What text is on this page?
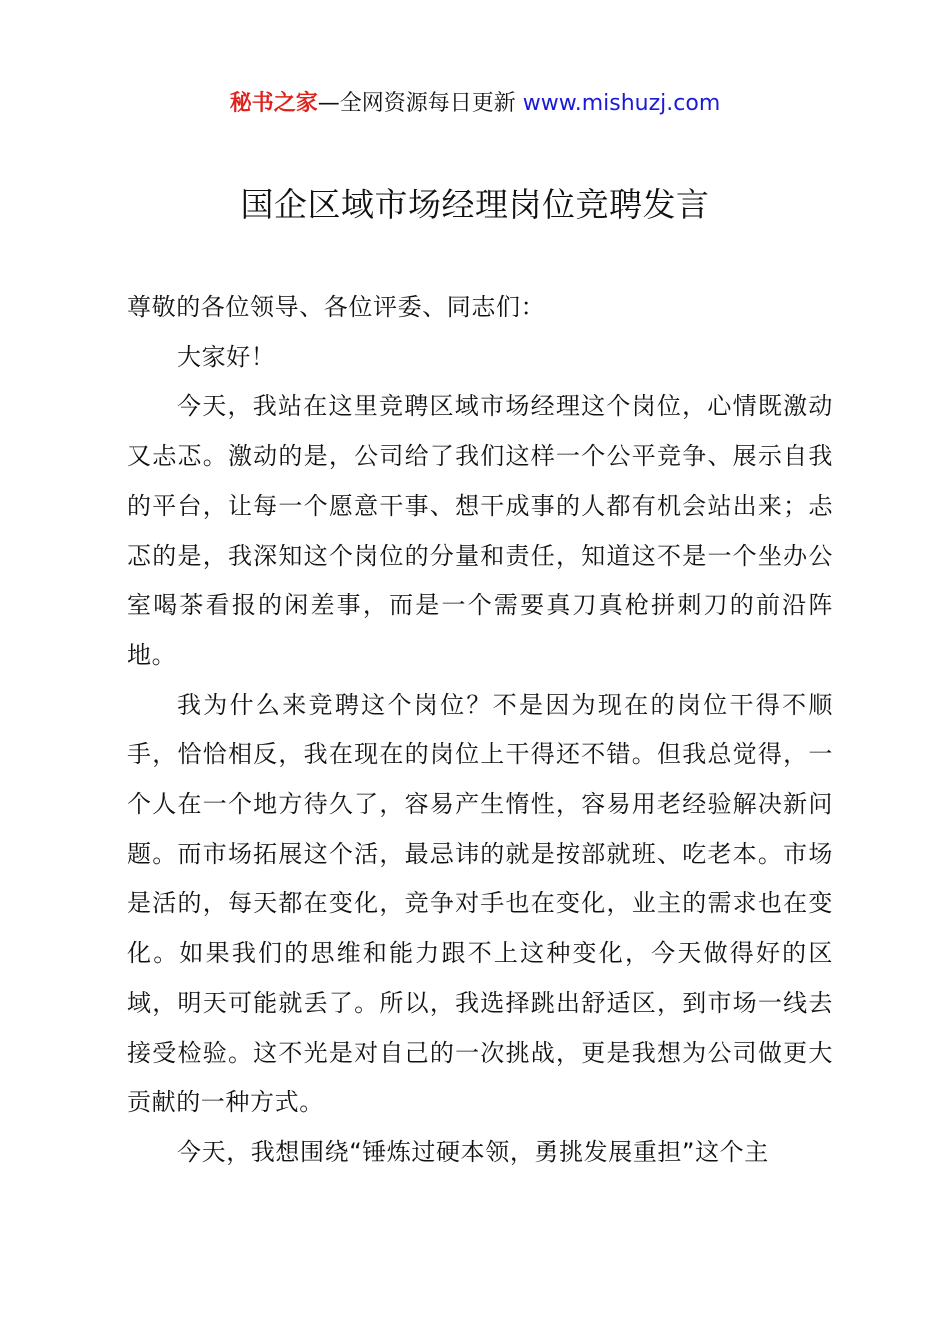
秘书之家—全网资源每日更新 www.mishuzj.com
国企区域市场经理岗位竞聘发言

尊敬的各位领导、各位评委、同志们：

大家好！

今天，我站在这里竞聘区域市场经理这个岗位，心情既激动又忐忑。激动的是，公司给了我们这样一个公平竞争、展示自我的平台，让每一个愿意干事、想干成事的人都有机会站出来；忐忑的是，我深知这个岗位的分量和责任，知道这不是一个坐办公室喝茶看报的闲差事，而是一个需要真刀真枪拼刺刀的前沿阵地。

我为什么来竞聘这个岗位？不是因为现在的岗位干得不顺手，恰恰相反，我在现在的岗位上干得还不错。但我总觉得，一个人在一个地方待久了，容易产生惰性，容易用老经验解决新问题。而市场拓展这个活，最忌讳的就是按部就班、吃老本。市场是活的，每天都在变化，竞争对手也在变化，业主的需求也在变化。如果我们的思维和能力跟不上这种变化，今天做得好的区域，明天可能就丢了。所以，我选择跳出舒适区，到市场一线去接受检验。这不光是对自己的一次挑战，更是我想为公司做更大贡献的一种方式。

今天，我想围绕“锤炼过硬本领，勇挑发展重担”这个主
